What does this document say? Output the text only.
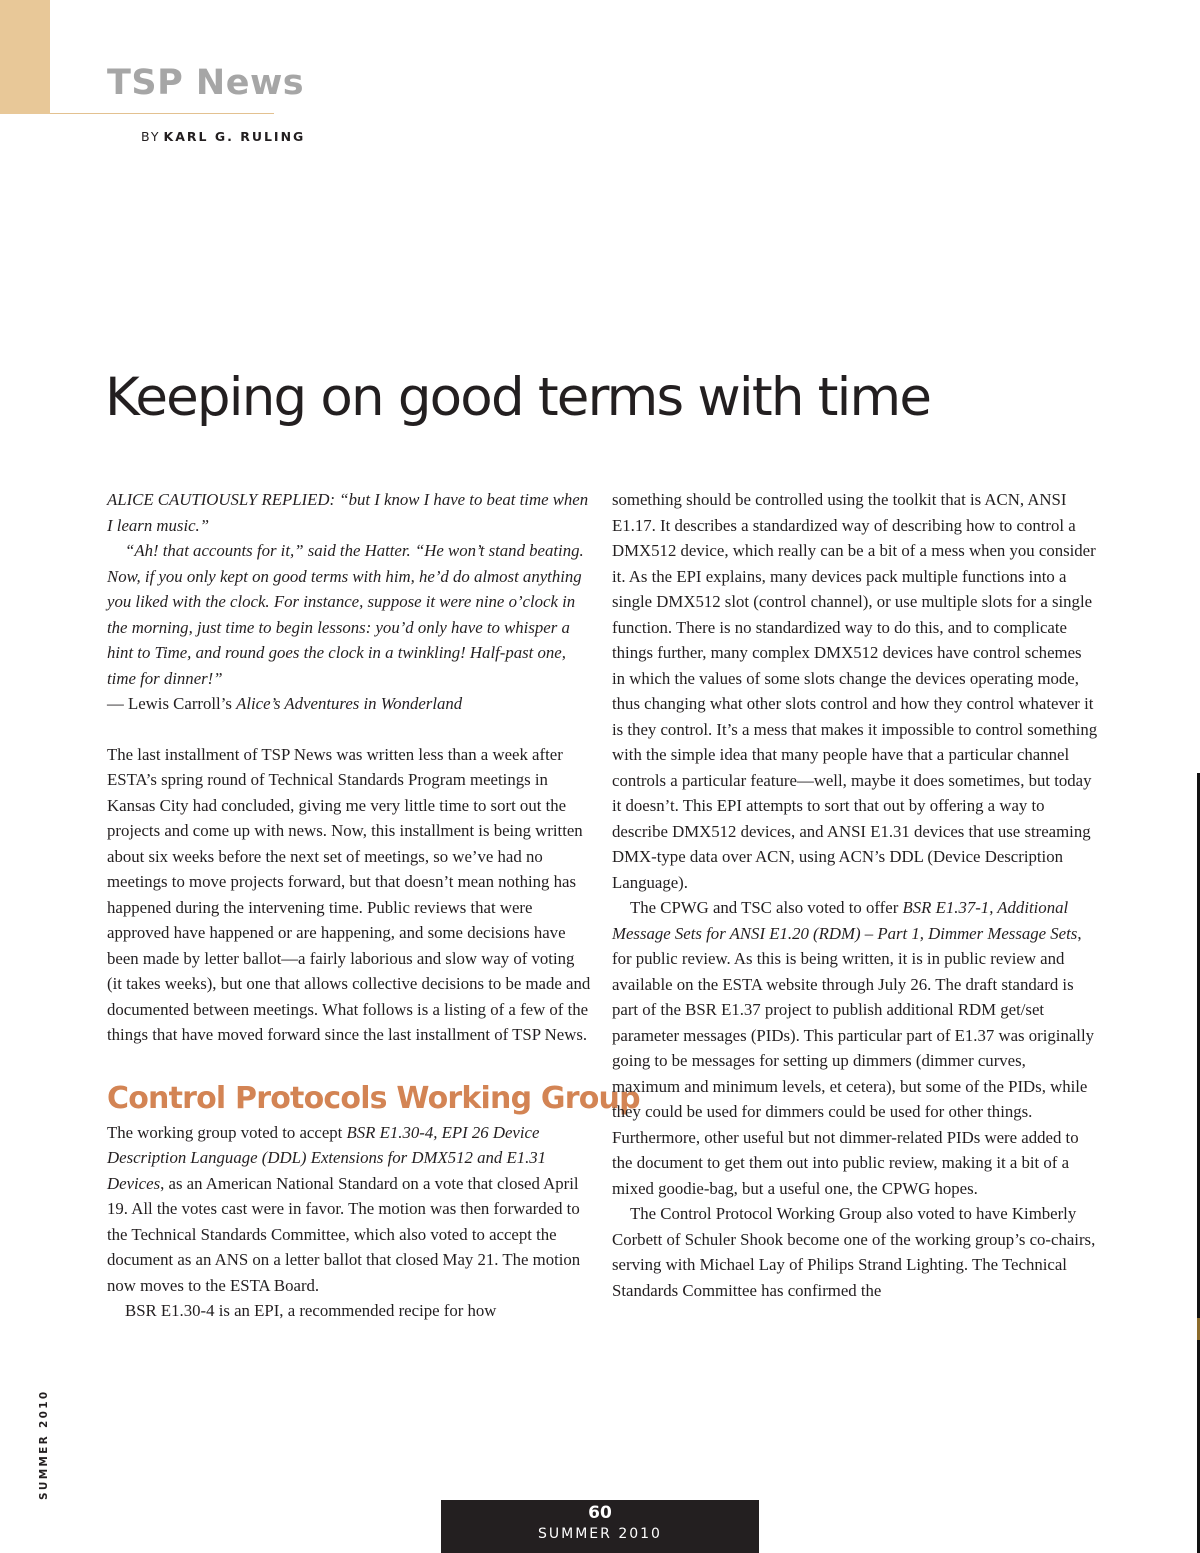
TSP News
BY KARL G. RULING
Keeping on good terms with time

ALICE CAUTIOUSLY REPLIED: “but I know I have to beat time when I learn music.”

“Ah! that accounts for it,” said the Hatter. “He won’t stand beating. Now, if you only kept on good terms with him, he’d do almost anything you liked with the clock. For instance, suppose it were nine o’clock in the morning, just time to begin lessons: you’d only have to whisper a hint to Time, and round goes the clock in a twinkling! Half-past one, time for dinner!”

— Lewis Carroll’s Alice’s Adventures in Wonderland

The last installment of TSP News was written less than a week after ESTA’s spring round of Technical Standards Program meetings in Kansas City had concluded, giving me very little time to sort out the projects and come up with news. Now, this installment is being written about six weeks before the next set of meetings, so we’ve had no meetings to move projects forward, but that doesn’t mean nothing has happened during the intervening time. Public reviews that were approved have happened or are happening, and some decisions have been made by letter ballot—a fairly laborious and slow way of voting (it takes weeks), but one that allows collective decisions to be made and documented between meetings. What follows is a listing of a few of the things that have moved forward since the last installment of TSP News.

Control Protocols Working Group

The working group voted to accept BSR E1.30-4, EPI 26 Device Description Language (DDL) Extensions for DMX512 and E1.31 Devices, as an American National Standard on a vote that closed April 19. All the votes cast were in favor. The motion was then forwarded to the Technical Standards Committee, which also voted to accept the document as an ANS on a letter ballot that closed May 21. The motion now moves to the ESTA Board.

BSR E1.30-4 is an EPI, a recommended recipe for how

something should be controlled using the toolkit that is ACN, ANSI E1.17. It describes a standardized way of describing how to control a DMX512 device, which really can be a bit of a mess when you consider it. As the EPI explains, many devices pack multiple functions into a single DMX512 slot (control channel), or use multiple slots for a single function. There is no standardized way to do this, and to complicate things further, many complex DMX512 devices have control schemes in which the values of some slots change the devices operating mode, thus changing what other slots control and how they control whatever it is they control. It’s a mess that makes it impossible to control something with the simple idea that many people have that a particular channel controls a particular feature—well, maybe it does sometimes, but today it doesn’t. This EPI attempts to sort that out by offering a way to describe DMX512 devices, and ANSI E1.31 devices that use streaming DMX-type data over ACN, using ACN’s DDL (Device Description Language).

The CPWG and TSC also voted to offer BSR E1.37-1, Additional Message Sets for ANSI E1.20 (RDM) – Part 1, Dimmer Message Sets, for public review. As this is being written, it is in public review and available on the ESTA website through July 26. The draft standard is part of the BSR E1.37 project to publish additional RDM get/set parameter messages (PIDs). This particular part of E1.37 was originally going to be messages for setting up dimmers (dimmer curves, maximum and minimum levels, et cetera), but some of the PIDs, while they could be used for dimmers could be used for other things. Furthermore, other useful but not dimmer-related PIDs were added to the document to get them out into public review, making it a bit of a mixed goodie-bag, but a useful one, the CPWG hopes.

The Control Protocol Working Group also voted to have Kimberly Corbett of Schuler Shook become one of the working group’s co-chairs, serving with Michael Lay of Philips Strand Lighting. The Technical Standards Committee has confirmed the

SUMMER 2010
60
SUMMER 2010
